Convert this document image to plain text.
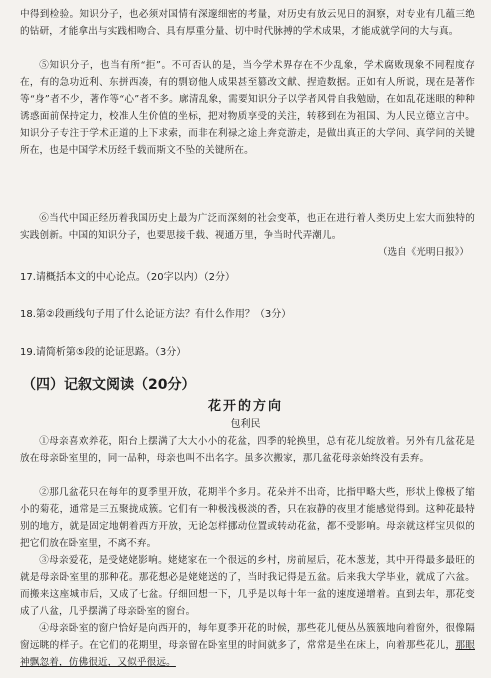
中得到检验。知识分子，也必须对国情有深邃细密的考量，对历史有放云见日的洞察，对专业有几蕴三绝的钻研，才能拿出与实践相吻合、具有厚重分量、切中时代脉搏的学术成果，才能成就学问的大与真。
⑤知识分子，也当有所“拒”。不可否认的是，当今学术界存在不少乱象，学术腐败现象不同程度存在，有的急功近利、东拼西凑，有的剽窃他人成果甚至篡改文献、捏造数据。正如有人所说，现在是著作等“身”者不少，著作等“心”者不多。廓清乱象，需要知识分子以学者风骨自我勉励，在如乱花迷眼的种种诱惑面前保持定力，校准人生价值的坐标，把对物质享受的关注，转移到在为祖国、为人民立德立言中。知识分子专注于学术正道的上下求索，而非在利禄之途上奔竞游走，是做出真正的大学问、真学问的关键所在，也是中国学术历经千载而斯文不坠的关键所在。
⑥当代中国正经历着我国历史上最为广泛而深刻的社会变革，也正在进行着人类历史上宏大而独特的实践创新。中国的知识分子，也要思接千载、视通万里，争当时代弄潮儿。
（选自《光明日报》）
17.请概括本文的中心论点。（20字以内）（2分）
18.第②段画线句子用了什么论证方法？有什么作用？（3分）
19.请简析第⑤段的论证思路。（3分）
（四）记叙文阅读（20分）
花开的方向
包利民
①母亲喜欢养花，阳台上摆满了大大小小的花盆，四季的轮换里，总有花儿绽放着。另外有几盆花是放在母亲卧室里的，同一品种，母亲也叫不出名字。虽多次搬家，那几盆花母亲始终没有丢弃。
②那几盆花只在每年的夏季里开放，花期半个多月。花朵并不出奇，比指甲略大些，形状上像极了缩小的菊花，通常是三五聚拢成簇。它们有一种极浅极淡的香，只在寂静的夜里才能感觉得到。这种花最特别的地方，就是固定地朝着西方开放，无论怎样挪动位置或转动花盆，都不受影响。母亲就这样宝贝似的把它们放在卧室里，不离不弃。
③母亲爱花，是受姥姥影响。姥姥家在一个很远的乡村，房前屋后，花木葱茏，其中开得最多最旺的就是母亲卧室里的那种花。那花想必是姥姥送的了，当时我记得是五盆。后来我大学毕业，就成了六盆。而搬来这座城市后，又成了七盆。仔细回想一下，几乎是以每十年一盆的速度递增着。直到去年，那花变成了八盆，几乎摆满了母亲卧室的窗台。
④母亲卧室的窗户恰好是向西开的，每年夏季开花的时候，那些花儿便丛丛簇簇地向着窗外，很像隔窗远眺的样子。在它们的花期里，母亲留在卧室里的时间就多了，常常是坐在床上，向着那些花儿，那眼神飘忽着，仿佛很近，又似乎很远。
